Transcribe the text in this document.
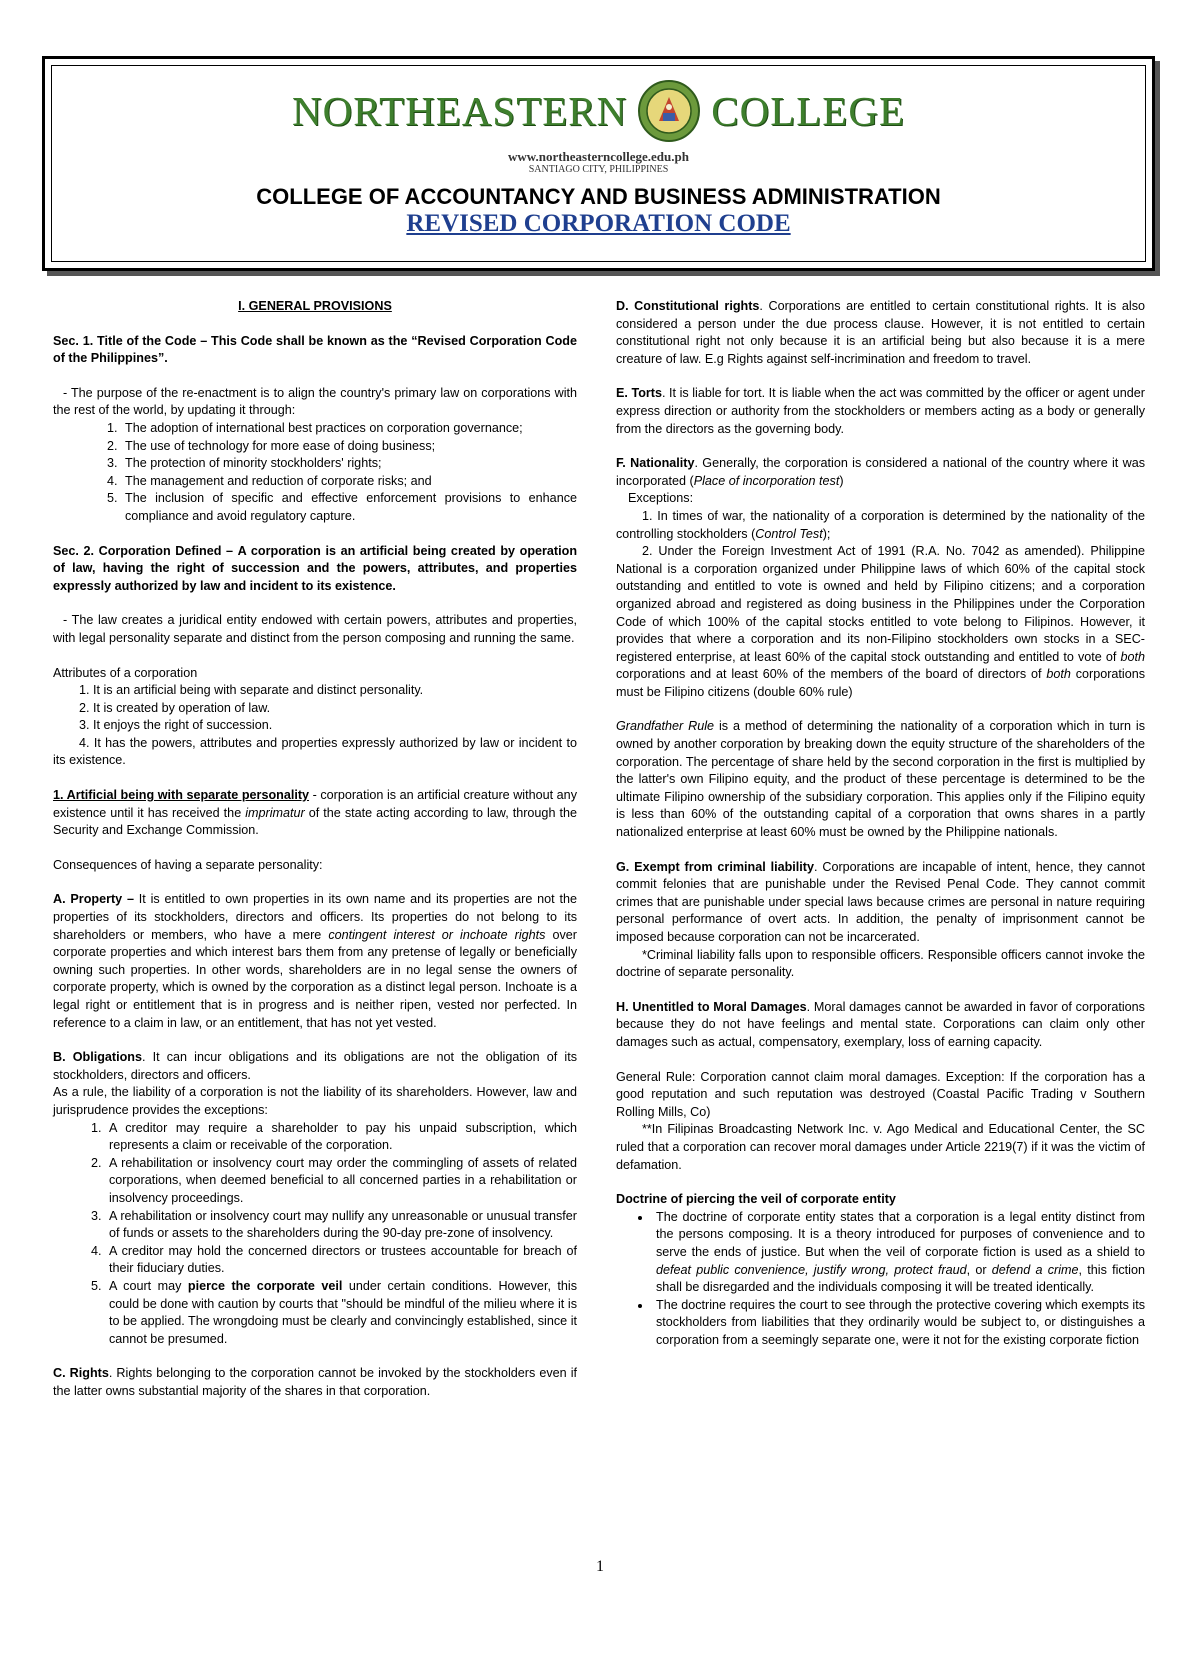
NORTHEASTERN COLLEGE
www.northeasterncollege.edu.ph
SANTIAGO CITY, PHILIPPINES
COLLEGE OF ACCOUNTANCY AND BUSINESS ADMINISTRATION
REVISED CORPORATION CODE
I. GENERAL PROVISIONS

Sec. 1. Title of the Code – This Code shall be known as the “Revised Corporation Code of the Philippines”.

- The purpose of the re-enactment is to align the country's primary law on corporations with the rest of the world, by updating it through:

1. The adoption of international best practices on corporation governance;
2. The use of technology for more ease of doing business;
3. The protection of minority stockholders' rights;
4. The management and reduction of corporate risks; and
5. The inclusion of specific and effective enforcement provisions to enhance compliance and avoid regulatory capture.

Sec. 2. Corporation Defined – A corporation is an artificial being created by operation of law, having the right of succession and the powers, attributes, and properties expressly authorized by law and incident to its existence.

- The law creates a juridical entity endowed with certain powers, attributes and properties, with legal personality separate and distinct from the person composing and running the same.

Attributes of a corporation
1. It is an artificial being with separate and distinct personality.
2. It is created by operation of law.
3. It enjoys the right of succession.

4. It has the powers, attributes and properties expressly authorized by law or incident to its existence.

1. Artificial being with separate personality - corporation is an artificial creature without any existence until it has received the imprimatur of the state acting according to law, through the Security and Exchange Commission.

Consequences of having a separate personality:

A. Property – It is entitled to own properties in its own name and its properties are not the properties of its stockholders, directors and officers. Its properties do not belong to its shareholders or members, who have a mere contingent interest or inchoate rights over corporate properties and which interest bars them from any pretense of legally or beneficially owning such properties. In other words, shareholders are in no legal sense the owners of corporate property, which is owned by the corporation as a distinct legal person. Inchoate is a legal right or entitlement that is in progress and is neither ripen, vested nor perfected. In reference to a claim in law, or an entitlement, that has not yet vested.

B. Obligations. It can incur obligations and its obligations are not the obligation of its stockholders, directors and officers.
As a rule, the liability of a corporation is not the liability of its shareholders. However, law and jurisprudence provides the exceptions:
1. A creditor may require a shareholder to pay his unpaid subscription, which represents a claim or receivable of the corporation.
2. A rehabilitation or insolvency court may order the commingling of assets of related corporations, when deemed beneficial to all concerned parties in a rehabilitation or insolvency proceedings.
3. A rehabilitation or insolvency court may nullify any unreasonable or unusual transfer of funds or assets to the shareholders during the 90-day pre-zone of insolvency.
4. A creditor may hold the concerned directors or trustees accountable for breach of their fiduciary duties.
5. A court may pierce the corporate veil under certain conditions. However, this could be done with caution by courts that "should be mindful of the milieu where it is to be applied. The wrongdoing must be clearly and convincingly established, since it cannot be presumed.

C. Rights. Rights belonging to the corporation cannot be invoked by the stockholders even if the latter owns substantial majority of the shares in that corporation.

D. Constitutional rights. Corporations are entitled to certain constitutional rights. It is also considered a person under the due process clause. However, it is not entitled to certain constitutional right not only because it is an artificial being but also because it is a mere creature of law. E.g Rights against self-incrimination and freedom to travel.

E. Torts. It is liable for tort. It is liable when the act was committed by the officer or agent under express direction or authority from the stockholders or members acting as a body or generally from the directors as the governing body.

F. Nationality. Generally, the corporation is considered a national of the country where it was incorporated (Place of incorporation test)
Exceptions:
1. In times of war, the nationality of a corporation is determined by the nationality of the controlling stockholders (Control Test);

2. Under the Foreign Investment Act of 1991 (R.A. No. 7042 as amended). Philippine National is a corporation organized under Philippine laws of which 60% of the capital stock outstanding and entitled to vote is owned and held by Filipino citizens; and a corporation organized abroad and registered as doing business in the Philippines under the Corporation Code of which 100% of the capital stocks entitled to vote belong to Filipinos. However, it provides that where a corporation and its non-Filipino stockholders own stocks in a SEC-registered enterprise, at least 60% of the capital stock outstanding and entitled to vote of both corporations and at least 60% of the members of the board of directors of both corporations must be Filipino citizens (double 60% rule)

Grandfather Rule is a method of determining the nationality of a corporation which in turn is owned by another corporation by breaking down the equity structure of the shareholders of the corporation. The percentage of share held by the second corporation in the first is multiplied by the latter's own Filipino equity, and the product of these percentage is determined to be the ultimate Filipino ownership of the subsidiary corporation. This applies only if the Filipino equity is less than 60% of the outstanding capital of a corporation that owns shares in a partly nationalized enterprise at least 60% must be owned by the Philippine nationals.

G. Exempt from criminal liability. Corporations are incapable of intent, hence, they cannot commit felonies that are punishable under the Revised Penal Code. They cannot commit crimes that are punishable under special laws because crimes are personal in nature requiring personal performance of overt acts. In addition, the penalty of imprisonment cannot be imposed because corporation can not be incarcerated.

*Criminal liability falls upon to responsible officers. Responsible officers cannot invoke the doctrine of separate personality.

H. Unentitled to Moral Damages. Moral damages cannot be awarded in favor of corporations because they do not have feelings and mental state. Corporations can claim only other damages such as actual, compensatory, exemplary, loss of earning capacity.

General Rule: Corporation cannot claim moral damages. Exception: If the corporation has a good reputation and such reputation was destroyed (Coastal Pacific Trading v Southern Rolling Mills, Co)

**In Filipinas Broadcasting Network Inc. v. Ago Medical and Educational Center, the SC ruled that a corporation can recover moral damages under Article 2219(7) if it was the victim of defamation.

Doctrine of piercing the veil of corporate entity
• The doctrine of corporate entity states that a corporation is a legal entity distinct from the persons composing. It is a theory introduced for purposes of convenience and to serve the ends of justice. But when the veil of corporate fiction is used as a shield to defeat public convenience, justify wrong, protect fraud, or defend a crime, this fiction shall be disregarded and the individuals composing it will be treated identically.
• The doctrine requires the court to see through the protective covering which exempts its stockholders from liabilities that they ordinarily would be subject to, or distinguishes a corporation from a seemingly separate one, were it not for the existing corporate fiction
1
